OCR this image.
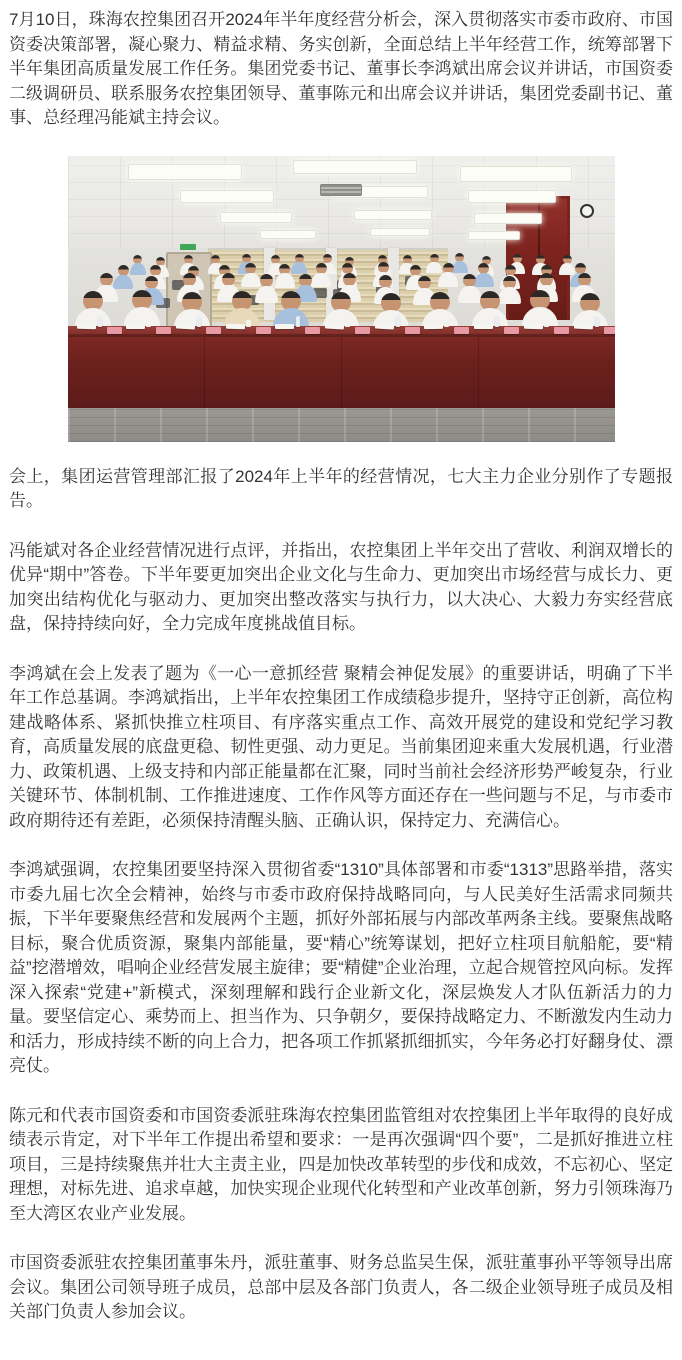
7月10日，珠海农控集团召开2024年半年度经营分析会，深入贯彻落实市委市政府、市国资委决策部署，凝心聚力、精益求精、务实创新，全面总结上半年经营工作，统筹部署下半年集团高质量发展工作任务。集团党委书记、董事长李鸿斌出席会议并讲话，市国资委二级调研员、联系服务农控集团领导、董事陈元和出席会议并讲话，集团党委副书记、董事、总经理冯能斌主持会议。

会上，集团运营管理部汇报了2024年上半年的经营情况，七大主力企业分别作了专题报告。

冯能斌对各企业经营情况进行点评，并指出，农控集团上半年交出了营收、利润双增长的优异“期中”答卷。下半年要更加突出企业文化与生命力、更加突出市场经营与成长力、更加突出结构优化与驱动力、更加突出整改落实与执行力，以大决心、大毅力夯实经营底盘，保持持续向好，全力完成年度挑战值目标。

李鸿斌在会上发表了题为《一心一意抓经营 聚精会神促发展》的重要讲话，明确了下半年工作总基调。李鸿斌指出，上半年农控集团工作成绩稳步提升，坚持守正创新，高位构建战略体系、紧抓快推立柱项目、有序落实重点工作、高效开展党的建设和党纪学习教育，高质量发展的底盘更稳、韧性更强、动力更足。当前集团迎来重大发展机遇，行业潜力、政策机遇、上级支持和内部正能量都在汇聚，同时当前社会经济形势严峻复杂，行业关键环节、体制机制、工作推进速度、工作作风等方面还存在一些问题与不足，与市委市政府期待还有差距，必须保持清醒头脑、正确认识，保持定力、充满信心。

李鸿斌强调，农控集团要坚持深入贯彻省委“1310”具体部署和市委“1313”思路举措，落实市委九届七次全会精神，始终与市委市政府保持战略同向，与人民美好生活需求同频共振，下半年要聚焦经营和发展两个主题，抓好外部拓展与内部改革两条主线。要聚焦战略目标，聚合优质资源，聚集内部能量，要“精心”统筹谋划，把好立柱项目航船舵，要“精益”挖潜增效，唱响企业经营发展主旋律；要“精健”企业治理，立起合规管控风向标。发挥深入探索“党建+”新模式，深刻理解和践行企业新文化，深层焕发人才队伍新活力的力量。要坚信定心、乘势而上、担当作为、只争朝夕，要保持战略定力、不断激发内生动力和活力，形成持续不断的向上合力，把各项工作抓紧抓细抓实，今年务必打好翻身仗、漂亮仗。

陈元和代表市国资委和市国资委派驻珠海农控集团监管组对农控集团上半年取得的良好成绩表示肯定，对下半年工作提出希望和要求：一是再次强调“四个要”，二是抓好推进立柱项目，三是持续聚焦并壮大主责主业，四是加快改革转型的步伐和成效，不忘初心、坚定理想，对标先进、追求卓越，加快实现企业现代化转型和产业改革创新，努力引领珠海乃至大湾区农业产业发展。

市国资委派驻农控集团董事朱丹，派驻董事、财务总监吴生保，派驻董事孙平等领导出席会议。集团公司领导班子成员，总部中层及各部门负责人，各二级企业领导班子成员及相关部门负责人参加会议。
